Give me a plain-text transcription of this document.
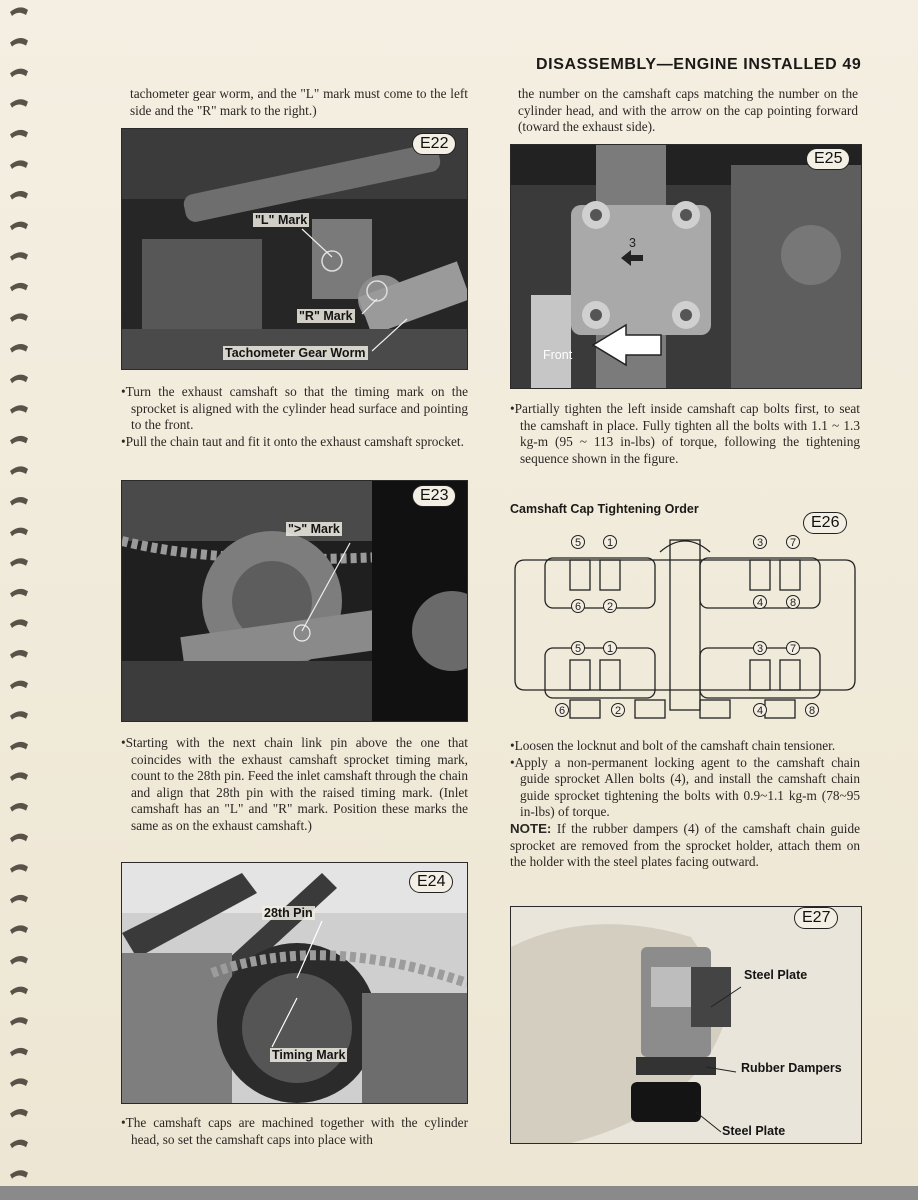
DISASSEMBLY—ENGINE INSTALLED 49

tachometer gear worm, and the "L" mark must come to the left side and the "R" mark to the right.)

E22
"L" Mark
"R" Mark
Tachometer Gear Worm

•Turn the exhaust camshaft so that the timing mark on the sprocket is aligned with the cylinder head surface and pointing to the front.

•Pull the chain taut and fit it onto the exhaust camshaft sprocket.

E23
">" Mark

•Starting with the next chain link pin above the one that coincides with the exhaust camshaft sprocket timing mark, count to the 28th pin. Feed the inlet camshaft through the chain and align that 28th pin with the raised timing mark. (Inlet camshaft has an "L" and "R" mark. Position these marks the same as on the exhaust camshaft.)

E24
28th Pin
Timing Mark

•The camshaft caps are machined together with the cylinder head, so set the camshaft caps into place with

the number on the camshaft caps matching the number on the cylinder head, and with the arrow on the cap pointing forward (toward the exhaust side).

E25
3
Front

•Partially tighten the left inside camshaft cap bolts first, to seat the camshaft in place. Fully tighten all the bolts with 1.1 ~ 1.3 kg-m (95 ~ 113 in-lbs) of torque, following the tightening sequence shown in the figure.

Camshaft Cap Tightening Order
E26
5 1	3 7
6 2	4 8
5 1	3 7
6	2	4	8

•Loosen the locknut and bolt of the camshaft chain tensioner.

•Apply a non-permanent locking agent to the camshaft chain guide sprocket Allen bolts (4), and install the camshaft chain guide sprocket tightening the bolts with 0.9~1.1 kg-m (78~95 in-lbs) of torque.

NOTE: If the rubber dampers (4) of the camshaft chain guide sprocket are removed from the sprocket holder, attach them on the holder with the steel plates facing outward.

E27
Steel Plate
Rubber Dampers
Steel Plate
